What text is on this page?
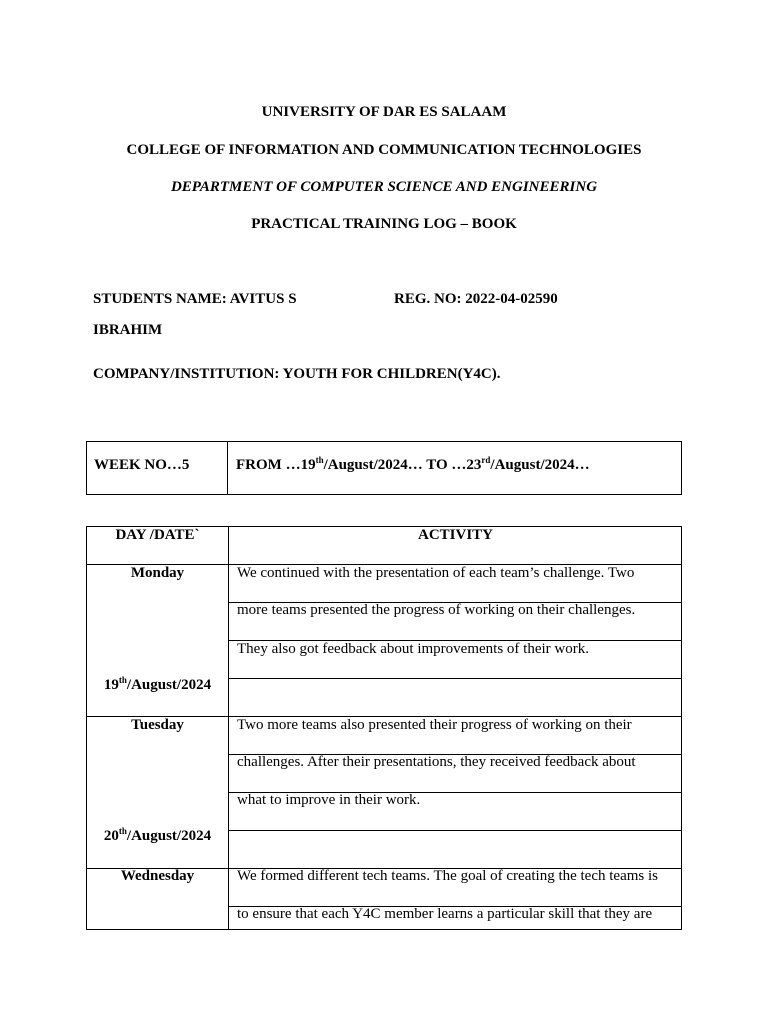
UNIVERSITY OF DAR ES SALAAM

COLLEGE OF INFORMATION AND COMMUNICATION TECHNOLOGIES

DEPARTMENT OF COMPUTER SCIENCE AND ENGINEERING

PRACTICAL TRAINING LOG – BOOK

STUDENTS NAME: AVITUS S	REG. NO: 2022-04-02590

IBRAHIM

COMPANY/INSTITUTION: YOUTH FOR CHILDREN(Y4C).

WEEK NO…5	FROM …19th/August/2024… TO …23rd/August/2024…
DAY /DATE`	ACTIVITY
Monday	We continued with the presentation of each team’s challenge. Two
more teams presented the progress of working on their challenges.
They also got feedback about improvements of their work.
19th/August/2024
Tuesday	Two more teams also presented their progress of working on their
challenges. After their presentations, they received feedback about
what to improve in their work.
20th/August/2024
Wednesday	We formed different tech teams. The goal of creating the tech teams is
to ensure that each Y4C member learns a particular skill that they are
